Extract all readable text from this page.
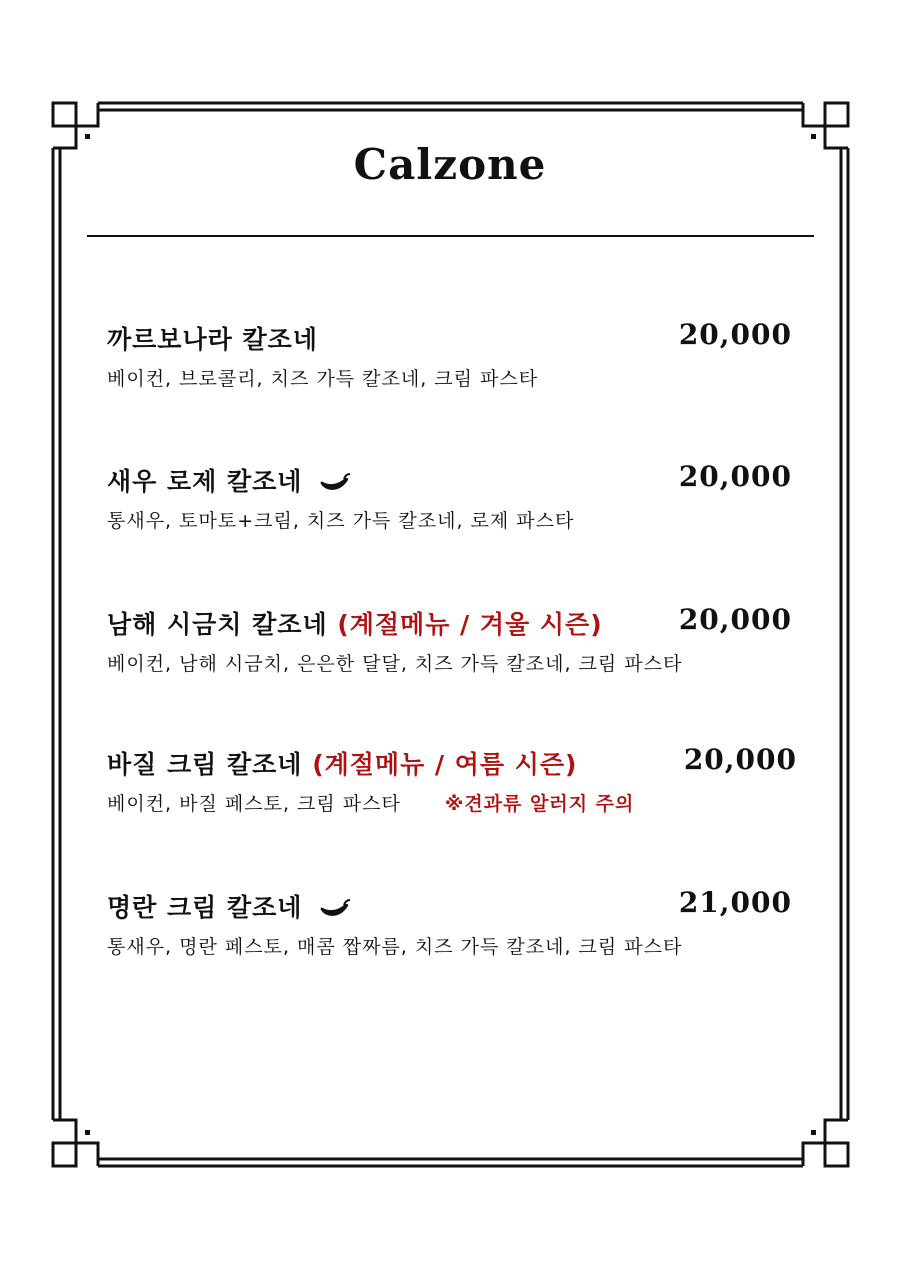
Calzone
까르보나라 칼조네	20,000
베이컨, 브로콜리, 치즈 가득 칼조네, 크림 파스타
새우 로제 칼조네	20,000
통새우, 토마토+크림, 치즈 가득 칼조네, 로제 파스타
남해 시금치 칼조네 (계절메뉴 / 겨울 시즌)	20,000
베이컨, 남해 시금치, 은은한 달달, 치즈 가득 칼조네, 크림 파스타
바질 크림 칼조네 (계절메뉴 / 여름 시즌)	20,000
베이컨, 바질 페스토, 크림 파스타 ※견과류 알러지 주의
명란 크림 칼조네	21,000
통새우, 명란 페스토, 매콤 짭짜름, 치즈 가득 칼조네, 크림 파스타
